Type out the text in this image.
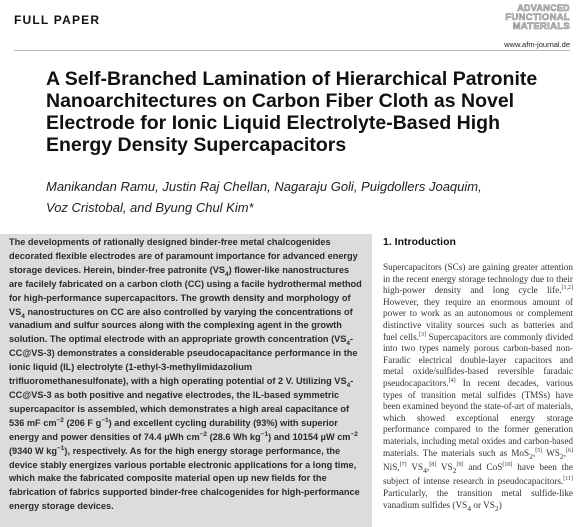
FULL PAPER
ADVANCED
FUNCTIONAL
MATERIALS
www.afm-journal.de
A Self-Branched Lamination of Hierarchical Patronite Nanoarchitectures on Carbon Fiber Cloth as Novel Electrode for Ionic Liquid Electrolyte-Based High Energy Density Supercapacitors
Manikandan Ramu, Justin Raj Chellan, Nagaraju Goli, Puigdollers Joaquim,
Voz Cristobal, and Byung Chul Kim*
The developments of rationally designed binder-free metal chalcogenides decorated flexible electrodes are of paramount importance for advanced energy storage devices. Herein, binder-free patronite $(VS_4)$ flower-like nanostructures are facilely fabricated on a carbon cloth (CC) using a facile hydrothermal method for high-performance supercapacitors. The growth density and morphology of $VS_4$ nanostructures on CC are also controlled by varying the concentrations of vanadium and sulfur sources along with the complexing agent in the growth solution. The optimal electrode with an appropriate growth concentration $(VS_4-CC@VS-3)$ demonstrates a considerable pseudocapacitance performance in the ionic liquid (IL) electrolyte (1-ethyl-3-methylimidazolium trifluoromethanesulfonate), with a high operating potential of 2 V. Utilizing $VS_4-CC@VS-3$ as both positive and negative electrodes, the IL-based symmetric supercapacitor is assembled, which demonstrates a high areal capacitance of 536 mF $cm^{-2}$ (206 F $g^{-1}$) and excellent cycling durability (93%) with superior energy and power densities of 74.4 µWh $cm^{-2}$ (28.6 Wh $kg^{-1}$) and 10154 µW $cm^{-2}$ (9340 W $kg^{-1}$), respectively. As for the high energy storage performance, the device stably energizes various portable electronic applications for a long time, which make the fabricated composite material open up new fields for the fabrication of fabrics supported binder-free chalcogenides for high-performance energy storage devices.
1. Introduction
Supercapacitors (SCs) are gaining greater attention in the recent energy storage technology due to their high-power density and long cycle life.[1,2] However, they require an enormous amount of power to work as an autonomous or complement distinctive vitality sources such as batteries and fuel cells.[3] Supercapacitors are commonly divided into two types namely porous carbon-based non-Faradic electrical double-layer capacitors and metal oxide/sulfides-based reversible faradaic pseudocapacitors.[4] In recent decades, various types of transition metal sulfides (TMSs) have been examined beyond the state-of-art of materials, which showed exceptional energy storage performance compared to the former generation materials, including metal oxides and carbon-based materials. The materials such as MoS$_2$,[5] $WS_2,[6]$ NiS,[7] $VS_4,[8]$ $VS_2[9]$ and CoS[10] have been the subject of intense research in pseudocapacitors.[11] Particularly, the transition metal sulfide-like vanadium sulfides ($VS_4$ or $VS_2$)
